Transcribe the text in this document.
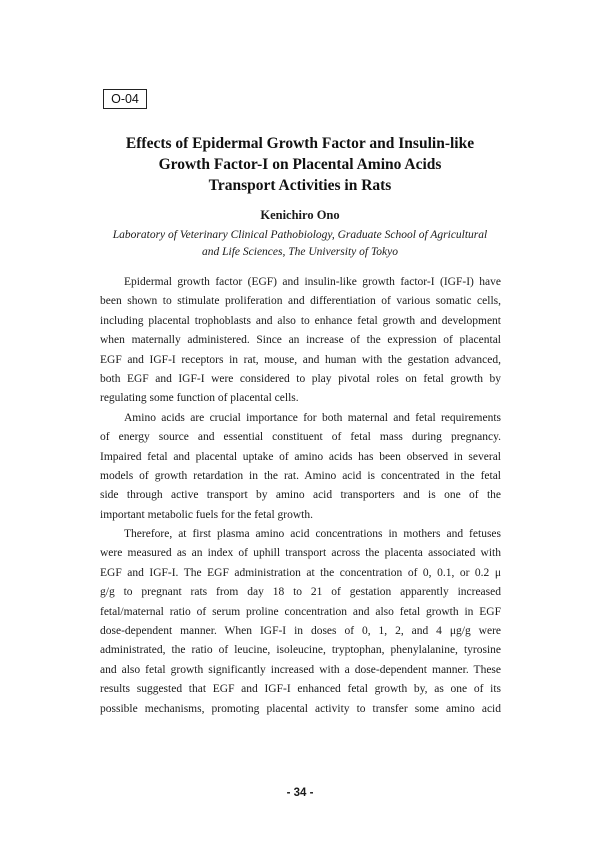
O-04
Effects of Epidermal Growth Factor and Insulin-like
Growth Factor-I on Placental Amino Acids
Transport Activities in Rats
Kenichiro Ono
Laboratory of Veterinary Clinical Pathobiology, Graduate School of Agricultural
and Life Sciences, The University of Tokyo
Epidermal growth factor (EGF) and insulin-like growth factor-I (IGF-I) have
been shown to stimulate proliferation and differentiation of various somatic cells,
including placental trophoblasts and also to enhance fetal growth and development
when maternally administered. Since an increase of the expression of placental
EGF and IGF-I receptors in rat, mouse, and human with the gestation advanced,
both EGF and IGF-I were considered to play pivotal roles on fetal growth by
regulating some function of placental cells.
Amino acids are crucial importance for both maternal and fetal requirements
of energy source and essential constituent of fetal mass during pregnancy.
Impaired fetal and placental uptake of amino acids has been observed in several
models of growth retardation in the rat. Amino acid is concentrated in the fetal
side through active transport by amino acid transporters and is one of the
important metabolic fuels for the fetal growth.
Therefore, at first plasma amino acid concentrations in mothers and fetuses
were measured as an index of uphill transport across the placenta associated with
EGF and IGF-I. The EGF administration at the concentration of 0, 0.1, or 0.2 μ
g/g to pregnant rats from day 18 to 21 of gestation apparently increased
fetal/maternal ratio of serum proline concentration and also fetal growth in EGF
dose-dependent manner. When IGF-I in doses of 0, 1, 2, and 4 μg/g were
administrated, the ratio of leucine, isoleucine, tryptophan, phenylalanine, tyrosine
and also fetal growth significantly increased with a dose-dependent manner. These
results suggested that EGF and IGF-I enhanced fetal growth by, as one of its
possible mechanisms, promoting placental activity to transfer some amino acid
- 34 -
